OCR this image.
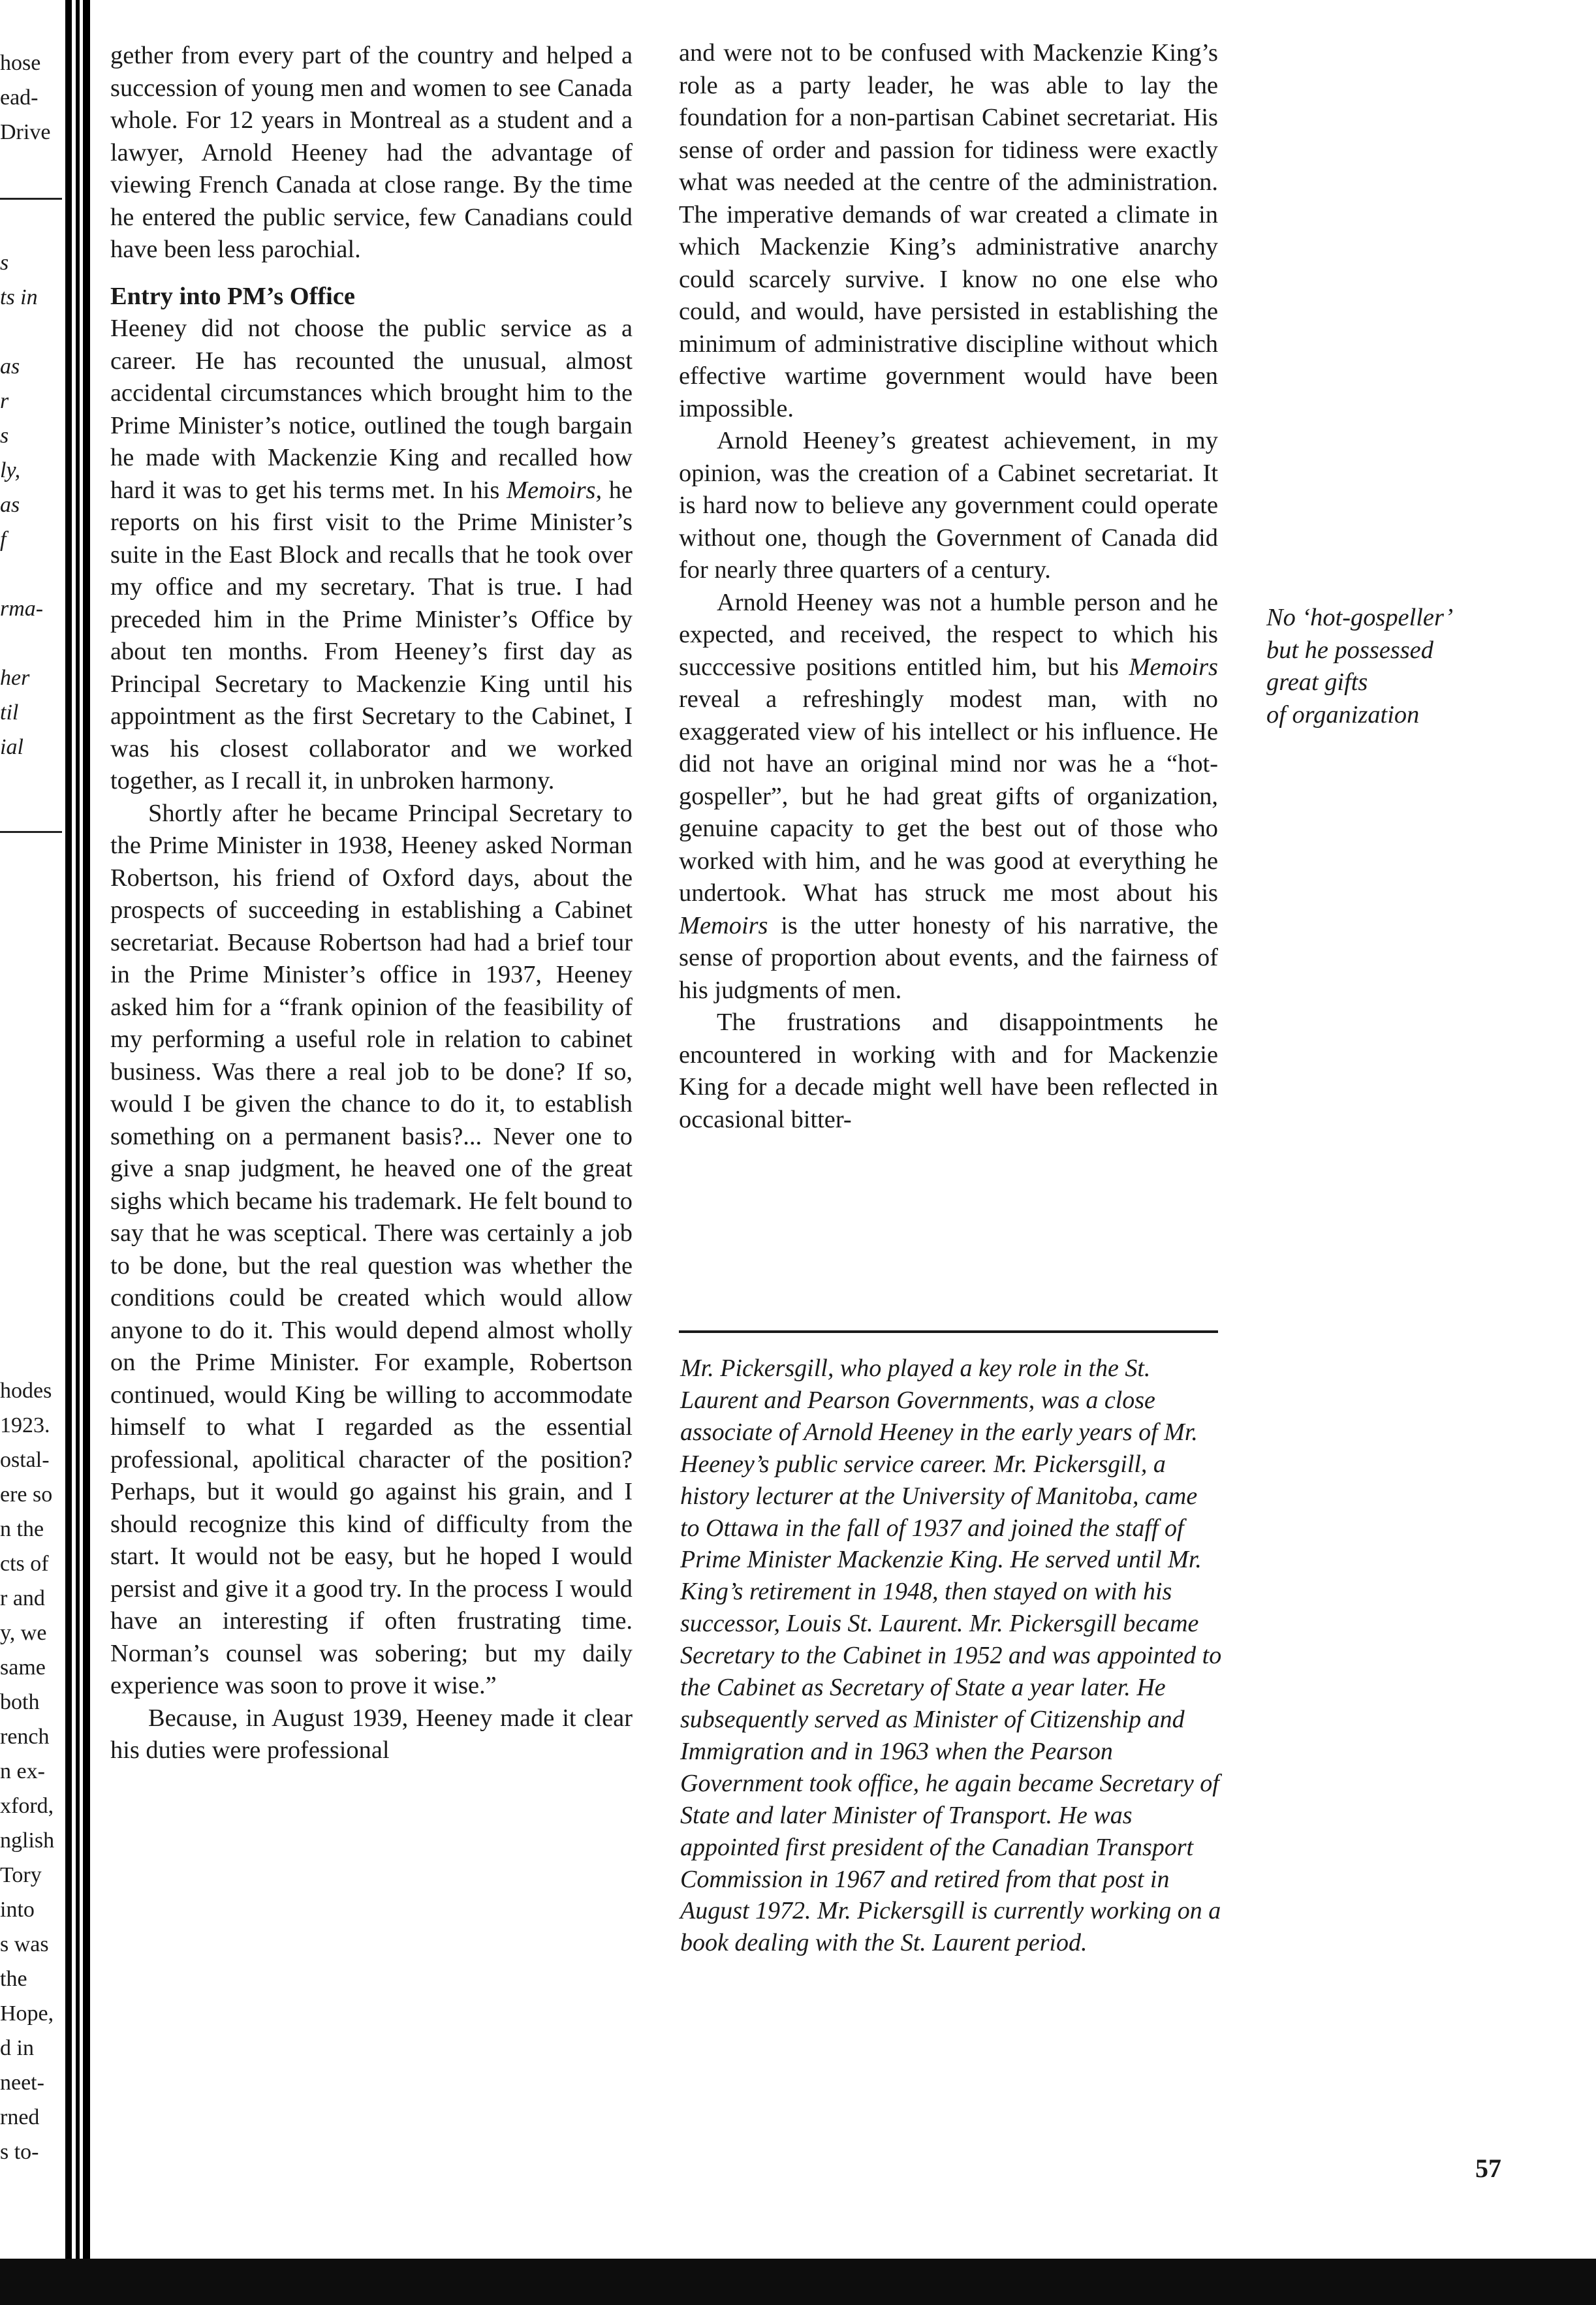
hose
ead-
Drive
s
ts in

as
r
s
ly,
as
f

rma-

her
til
ial
hodes
1923.
ostal-
ere so
n the
cts of
r and
y, we
same
both
rench
n ex-
xford,
nglish
Tory
into
s was
the
Hope,
d in
neet-
rned
s to-

gether from every part of the country and helped a succession of young men and women to see Canada whole. For 12 years in Montreal as a student and a lawyer, Arnold Heeney had the advantage of viewing French Canada at close range. By the time he entered the public service, few Canadians could have been less parochial.

Entry into PM’s Office

Heeney did not choose the public service as a career. He has recounted the unusual, almost accidental circumstances which brought him to the Prime Minister’s notice, outlined the tough bargain he made with Mackenzie King and recalled how hard it was to get his terms met. In his Memoirs, he reports on his first visit to the Prime Minister’s suite in the East Block and recalls that he took over my office and my secretary. That is true. I had preceded him in the Prime Minister’s Office by about ten months. From Heeney’s first day as Principal Secretary to Mackenzie King until his appointment as the first Secretary to the Cabinet, I was his closest collaborator and we worked together, as I recall it, in unbroken harmony.

Shortly after he became Principal Secretary to the Prime Minister in 1938, Heeney asked Norman Robertson, his friend of Oxford days, about the prospects of succeeding in establishing a Cabinet secretariat. Because Robertson had had a brief tour in the Prime Minister’s office in 1937, Heeney asked him for a “frank opinion of the feasibility of my performing a useful role in relation to cabinet business. Was there a real job to be done? If so, would I be given the chance to do it, to establish something on a permanent basis?... Never one to give a snap judgment, he heaved one of the great sighs which became his trademark. He felt bound to say that he was sceptical. There was certainly a job to be done, but the real question was whether the conditions could be created which would allow anyone to do it. This would depend almost wholly on the Prime Minister. For example, Robertson continued, would King be willing to accommodate himself to what I regarded as the essential professional, apolitical character of the position? Perhaps, but it would go against his grain, and I should recognize this kind of difficulty from the start. It would not be easy, but he hoped I would persist and give it a good try. In the process I would have an interesting if often frustrating time. Norman’s counsel was sobering; but my daily experience was soon to prove it wise.”

Because, in August 1939, Heeney made it clear his duties were professional

and were not to be confused with Mackenzie King’s role as a party leader, he was able to lay the foundation for a non-partisan Cabinet secretariat. His sense of order and passion for tidiness were exactly what was needed at the centre of the administration. The imperative demands of war created a climate in which Mackenzie King’s administrative anarchy could scarcely survive. I know no one else who could, and would, have persisted in establishing the minimum of administrative discipline without which effective wartime government would have been impossible.

Arnold Heeney’s greatest achievement, in my opinion, was the creation of a Cabinet secretariat. It is hard now to believe any government could operate without one, though the Government of Canada did for nearly three quarters of a century.

Arnold Heeney was not a humble person and he expected, and received, the respect to which his succcessive positions entitled him, but his Memoirs reveal a refreshingly modest man, with no exaggerated view of his intellect or his influence. He did not have an original mind nor was he a “hot-gospeller”, but he had great gifts of organization, genuine capacity to get the best out of those who worked with him, and he was good at everything he undertook. What has struck me most about his Memoirs is the utter honesty of his narrative, the sense of proportion about events, and the fairness of his judgments of men.

The frustrations and disappointments he encountered in working with and for Mackenzie King for a decade might well have been reflected in occasional bitter-

Mr. Pickersgill, who played a key role in the St. Laurent and Pearson Governments, was a close associate of Arnold Heeney in the early years of Mr. Heeney’s public service career. Mr. Pickersgill, a history lecturer at the University of Manitoba, came to Ottawa in the fall of 1937 and joined the staff of Prime Minister Mackenzie King. He served until Mr. King’s retirement in 1948, then stayed on with his successor, Louis St. Laurent. Mr. Pickersgill became Secretary to the Cabinet in 1952 and was appointed to the Cabinet as Secretary of State a year later. He subsequently served as Minister of Citizenship and Immigration and in 1963 when the Pearson Government took office, he again became Secretary of State and later Minister of Transport. He was appointed first president of the Canadian Transport Commission in 1967 and retired from that post in August 1972. Mr. Pickersgill is currently working on a book dealing with the St. Laurent period.

No ‘hot-gospeller’
but he possessed
great gifts
of organization
57
